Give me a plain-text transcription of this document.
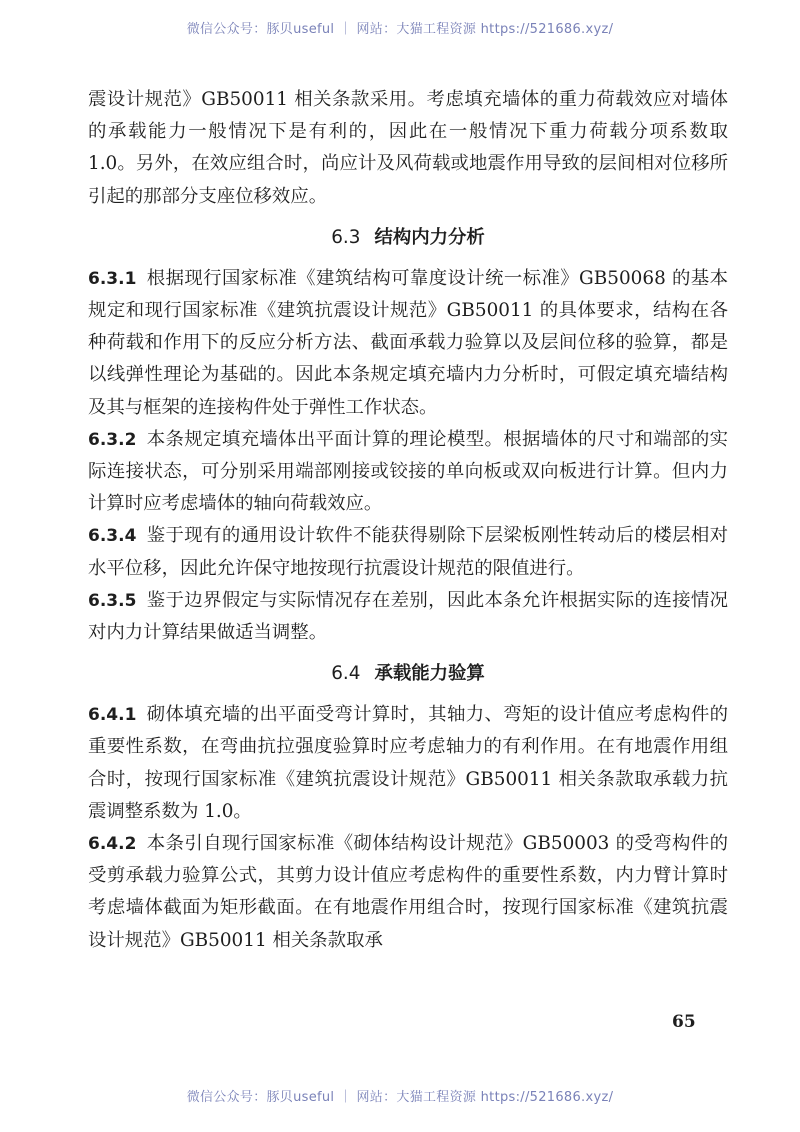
微信公众号：豚贝useful ｜ 网站：大猫工程资源 https://521686.xyz/

震设计规范》GB50011 相关条款采用。考虑填充墙体的重力荷载效应对墙体的承载能力一般情况下是有利的，因此在一般情况下重力荷载分项系数取 1.0。另外，在效应组合时，尚应计及风荷载或地震作用导致的层间相对位移所引起的那部分支座位移效应。

6.3 结构内力分析

6.3.1 根据现行国家标准《建筑结构可靠度设计统一标准》GB50068 的基本规定和现行国家标准《建筑抗震设计规范》GB50011 的具体要求，结构在各种荷载和作用下的反应分析方法、截面承载力验算以及层间位移的验算，都是以线弹性理论为基础的。因此本条规定填充墙内力分析时，可假定填充墙结构及其与框架的连接构件处于弹性工作状态。

6.3.2 本条规定填充墙体出平面计算的理论模型。根据墙体的尺寸和端部的实际连接状态，可分别采用端部刚接或铰接的单向板或双向板进行计算。但内力计算时应考虑墙体的轴向荷载效应。

6.3.4 鉴于现有的通用设计软件不能获得剔除下层梁板刚性转动后的楼层相对水平位移，因此允许保守地按现行抗震设计规范的限值进行。

6.3.5 鉴于边界假定与实际情况存在差别，因此本条允许根据实际的连接情况对内力计算结果做适当调整。

6.4 承载能力验算

6.4.1 砌体填充墙的出平面受弯计算时，其轴力、弯矩的设计值应考虑构件的重要性系数，在弯曲抗拉强度验算时应考虑轴力的有利作用。在有地震作用组合时，按现行国家标准《建筑抗震设计规范》GB50011 相关条款取承载力抗震调整系数为 1.0。

6.4.2 本条引自现行国家标准《砌体结构设计规范》GB50003 的受弯构件的受剪承载力验算公式，其剪力设计值应考虑构件的重要性系数，内力臂计算时考虑墙体截面为矩形截面。在有地震作用组合时，按现行国家标准《建筑抗震设计规范》GB50011 相关条款取承

65
微信公众号：豚贝useful ｜ 网站：大猫工程资源 https://521686.xyz/
